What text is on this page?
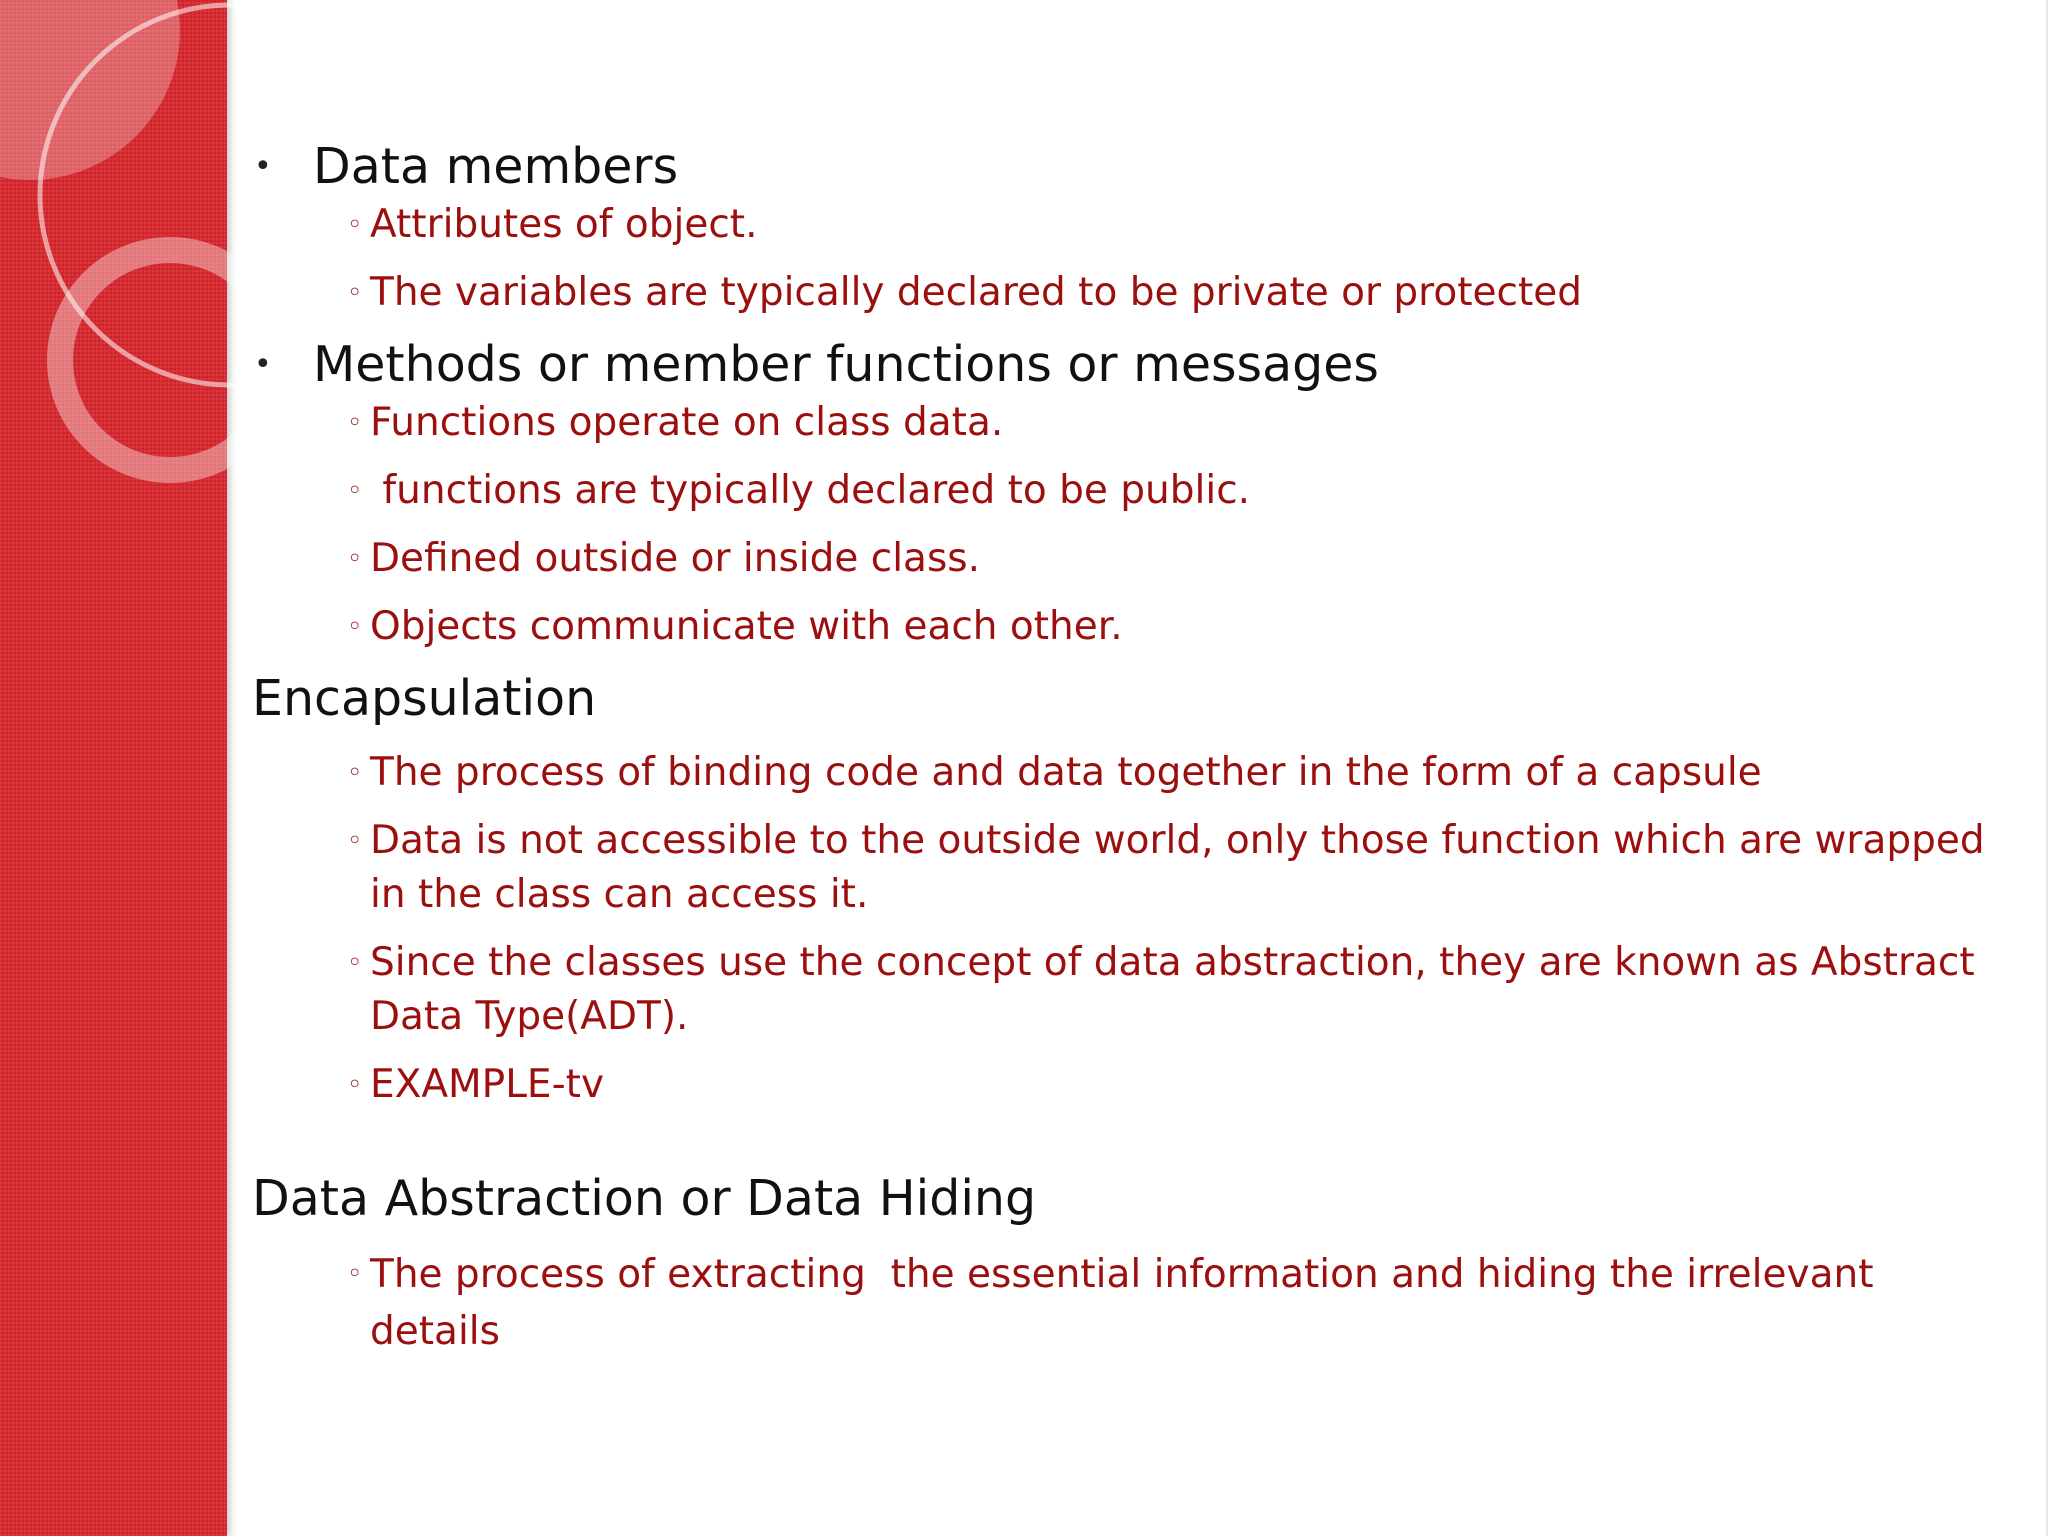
• Data members
◦ Attributes of object.
◦ The variables are typically declared to be private or protected
• Methods or member functions or messages
◦ Functions operate on class data.
◦ functions are typically declared to be public.
◦ Defined outside or inside class.
◦ Objects communicate with each other.
Encapsulation
◦ The process of binding code and data together in the form of a capsule
◦ Data is not accessible to the outside world, only those function which are wrapped in the class can access it.
◦ Since the classes use the concept of data abstraction, they are known as Abstract Data Type(ADT).
◦ EXAMPLE-tv
Data Abstraction or Data Hiding
◦ The process of extracting  the essential information and hiding the irrelevant details
